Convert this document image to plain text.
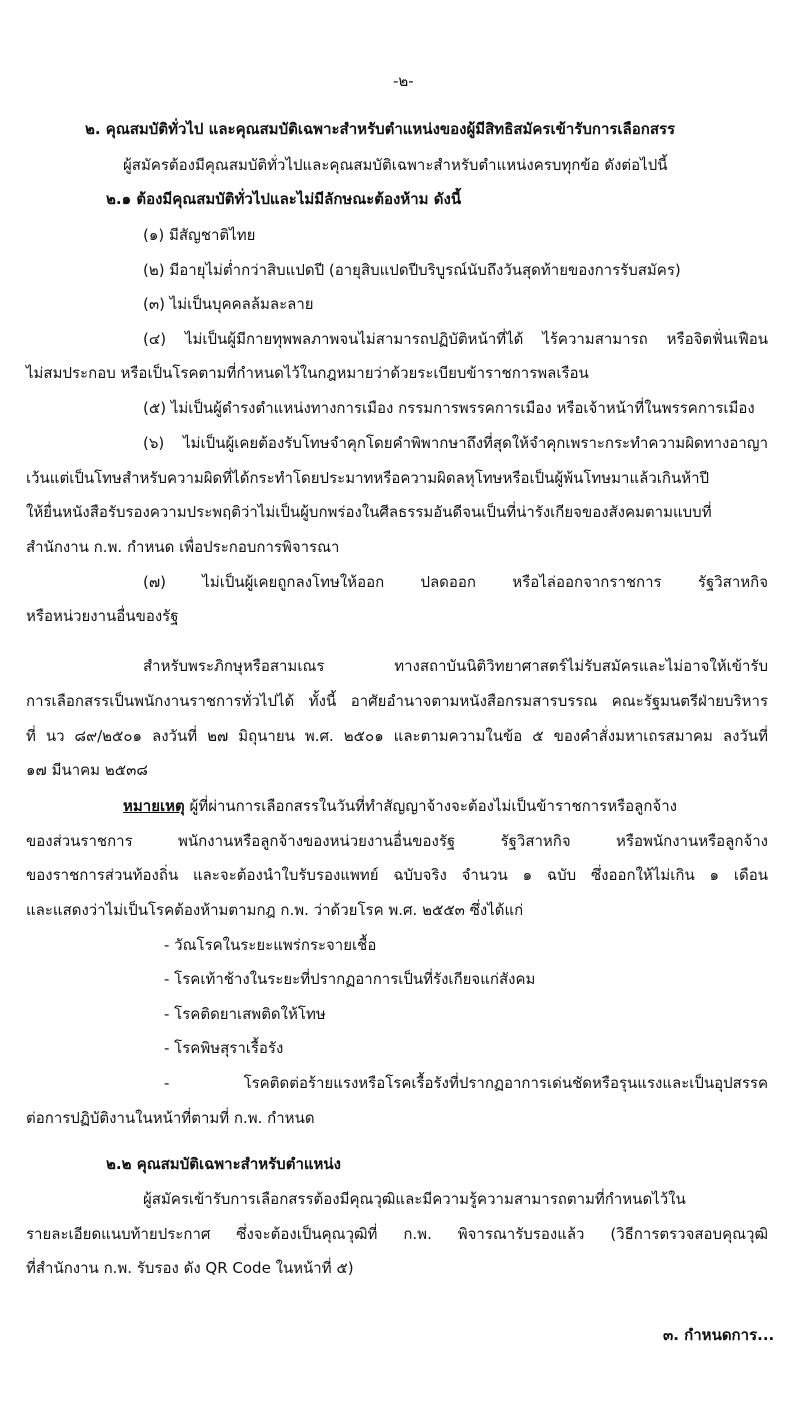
-๒-
๒. คุณสมบัติทั่วไป และคุณสมบัติเฉพาะสำหรับตำแหน่งของผู้มีสิทธิสมัครเข้ารับการเลือกสรร
ผู้สมัครต้องมีคุณสมบัติทั่วไปและคุณสมบัติเฉพาะสำหรับตำแหน่งครบทุกข้อ ดังต่อไปนี้
๒.๑ ต้องมีคุณสมบัติทั่วไปและไม่มีลักษณะต้องห้าม ดังนี้
(๑) มีสัญชาติไทย
(๒) มีอายุไม่ต่ำกว่าสิบแปดปี (อายุสิบแปดปีบริบูรณ์นับถึงวันสุดท้ายของการรับสมัคร)
(๓) ไม่เป็นบุคคลล้มละลาย
(๔) ไม่เป็นผู้มีกายทุพพลภาพจนไม่สามารถปฏิบัติหน้าที่ได้ ไร้ความสามารถ หรือจิตฟั่นเฟือน
ไม่สมประกอบ หรือเป็นโรคตามที่กำหนดไว้ในกฎหมายว่าด้วยระเบียบข้าราชการพลเรือน
(๕) ไม่เป็นผู้ดำรงตำแหน่งทางการเมือง กรรมการพรรคการเมือง หรือเจ้าหน้าที่ในพรรคการเมือง
(๖) ไม่เป็นผู้เคยต้องรับโทษจำคุกโดยคำพิพากษาถึงที่สุดให้จำคุกเพราะกระทำความผิดทางอาญา
เว้นแต่เป็นโทษสำหรับความผิดที่ได้กระทำโดยประมาทหรือความผิดลหุโทษหรือเป็นผู้พ้นโทษมาแล้วเกินห้าปี
ให้ยื่นหนังสือรับรองความประพฤติว่าไม่เป็นผู้บกพร่องในศีลธรรมอันดีจนเป็นที่น่ารังเกียจของสังคมตามแบบที่
สำนักงาน ก.พ. กำหนด เพื่อประกอบการพิจารณา
(๗) ไม่เป็นผู้เคยถูกลงโทษให้ออก ปลดออก หรือไล่ออกจากราชการ รัฐวิสาหกิจ
หรือหน่วยงานอื่นของรัฐ
สำหรับพระภิกษุหรือสามเณร ทางสถาบันนิติวิทยาศาสตร์ไม่รับสมัครและไม่อาจให้เข้ารับ
การเลือกสรรเป็นพนักงานราชการทั่วไปได้ ทั้งนี้ อาศัยอำนาจตามหนังสือกรมสารบรรณ คณะรัฐมนตรีฝ่ายบริหาร
ที่ นว ๘๙/๒๕๐๑ ลงวันที่ ๒๗ มิถุนายน พ.ศ. ๒๕๐๑ และตามความในข้อ ๕ ของคำสั่งมหาเถรสมาคม ลงวันที่
๑๗ มีนาคม ๒๕๓๘
หมายเหตุ ผู้ที่ผ่านการเลือกสรรในวันที่ทำสัญญาจ้างจะต้องไม่เป็นข้าราชการหรือลูกจ้าง
ของส่วนราชการ พนักงานหรือลูกจ้างของหน่วยงานอื่นของรัฐ รัฐวิสาหกิจ หรือพนักงานหรือลูกจ้าง
ของราชการส่วนท้องถิ่น และจะต้องนำใบรับรองแพทย์ ฉบับจริง จำนวน ๑ ฉบับ ซึ่งออกให้ไม่เกิน ๑ เดือน
และแสดงว่าไม่เป็นโรคต้องห้ามตามกฎ ก.พ. ว่าด้วยโรค พ.ศ. ๒๕๕๓ ซึ่งได้แก่
- วัณโรคในระยะแพร่กระจายเชื้อ
- โรคเท้าช้างในระยะที่ปรากฏอาการเป็นที่รังเกียจแก่สังคม
- โรคติดยาเสพติดให้โทษ
- โรคพิษสุราเรื้อรัง
- โรคติดต่อร้ายแรงหรือโรคเรื้อรังที่ปรากฏอาการเด่นชัดหรือรุนแรงและเป็นอุปสรรค
ต่อการปฏิบัติงานในหน้าที่ตามที่ ก.พ. กำหนด
๒.๒ คุณสมบัติเฉพาะสำหรับตำแหน่ง
ผู้สมัครเข้ารับการเลือกสรรต้องมีคุณวุฒิและมีความรู้ความสามารถตามที่กำหนดไว้ใน
รายละเอียดแนบท้ายประกาศ ซึ่งจะต้องเป็นคุณวุฒิที่ ก.พ. พิจารณารับรองแล้ว (วิธีการตรวจสอบคุณวุฒิ
ที่สำนักงาน ก.พ. รับรอง ดัง QR Code ในหน้าที่ ๕)
๓. กำหนดการ...
